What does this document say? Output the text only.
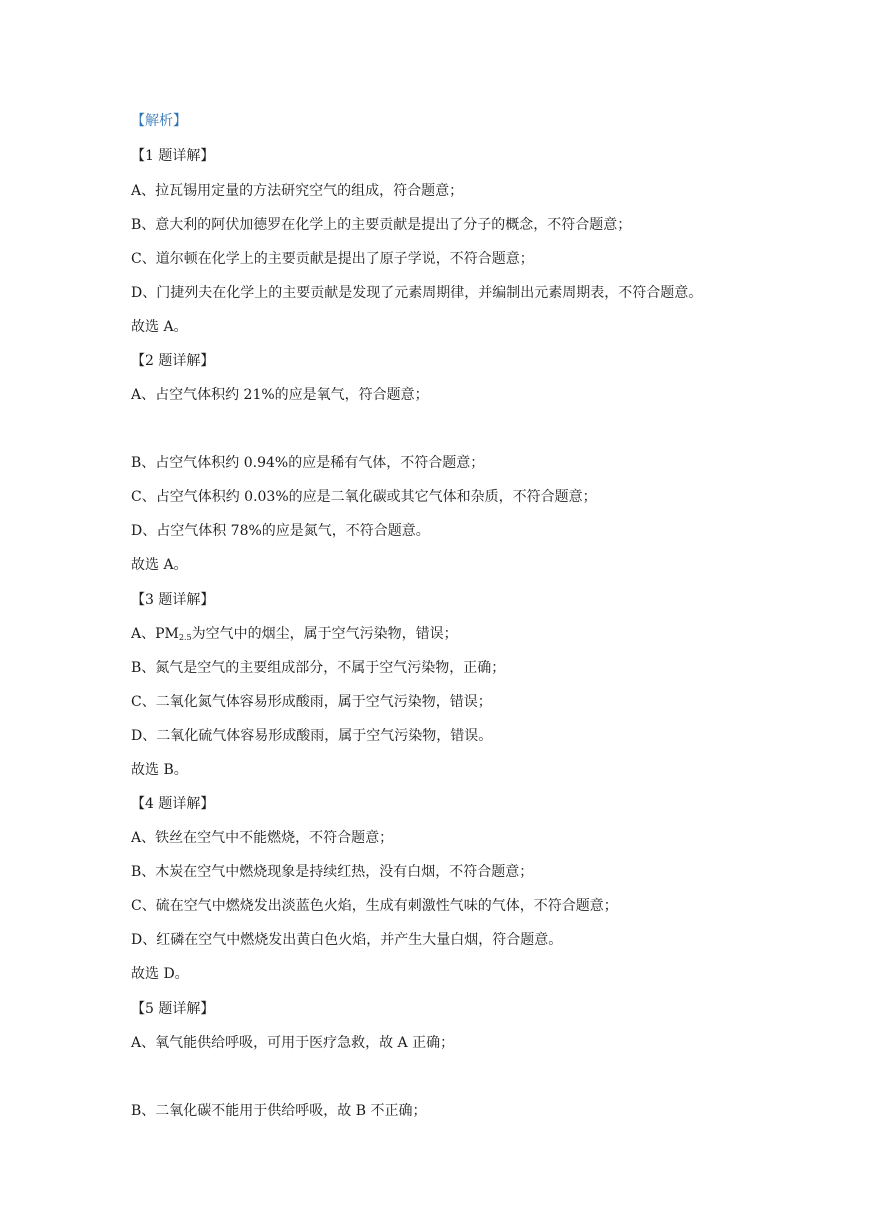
【解析】
【1 题详解】
A、拉瓦锡用定量的方法研究空气的组成，符合题意；
B、意大利的阿伏加德罗在化学上的主要贡献是提出了分子的概念，不符合题意；
C、道尔顿在化学上的主要贡献是提出了原子学说，不符合题意；
D、门捷列夫在化学上的主要贡献是发现了元素周期律，并编制出元素周期表，不符合题意。
故选 A。
【2 题详解】
A、占空气体积约 21%的应是氧气，符合题意；
B、占空气体积约 0.94%的应是稀有气体，不符合题意；
C、占空气体积约 0.03%的应是二氧化碳或其它气体和杂质，不符合题意；
D、占空气体积 78%的应是氮气，不符合题意。
故选 A。
【3 题详解】
A、$PM_{2.5}$为空气中的烟尘，属于空气污染物，错误；
B、氮气是空气的主要组成部分，不属于空气污染物，正确；
C、二氧化氮气体容易形成酸雨，属于空气污染物，错误；
D、二氧化硫气体容易形成酸雨，属于空气污染物，错误。
故选 B。
【4 题详解】
A、铁丝在空气中不能燃烧，不符合题意；
B、木炭在空气中燃烧现象是持续红热，没有白烟，不符合题意；
C、硫在空气中燃烧发出淡蓝色火焰，生成有刺激性气味的气体，不符合题意；
D、红磷在空气中燃烧发出黄白色火焰，并产生大量白烟，符合题意。
故选 D。
【5 题详解】
A、氧气能供给呼吸，可用于医疗急救，故 A 正确；
B、二氧化碳不能用于供给呼吸，故 B 不正确；
